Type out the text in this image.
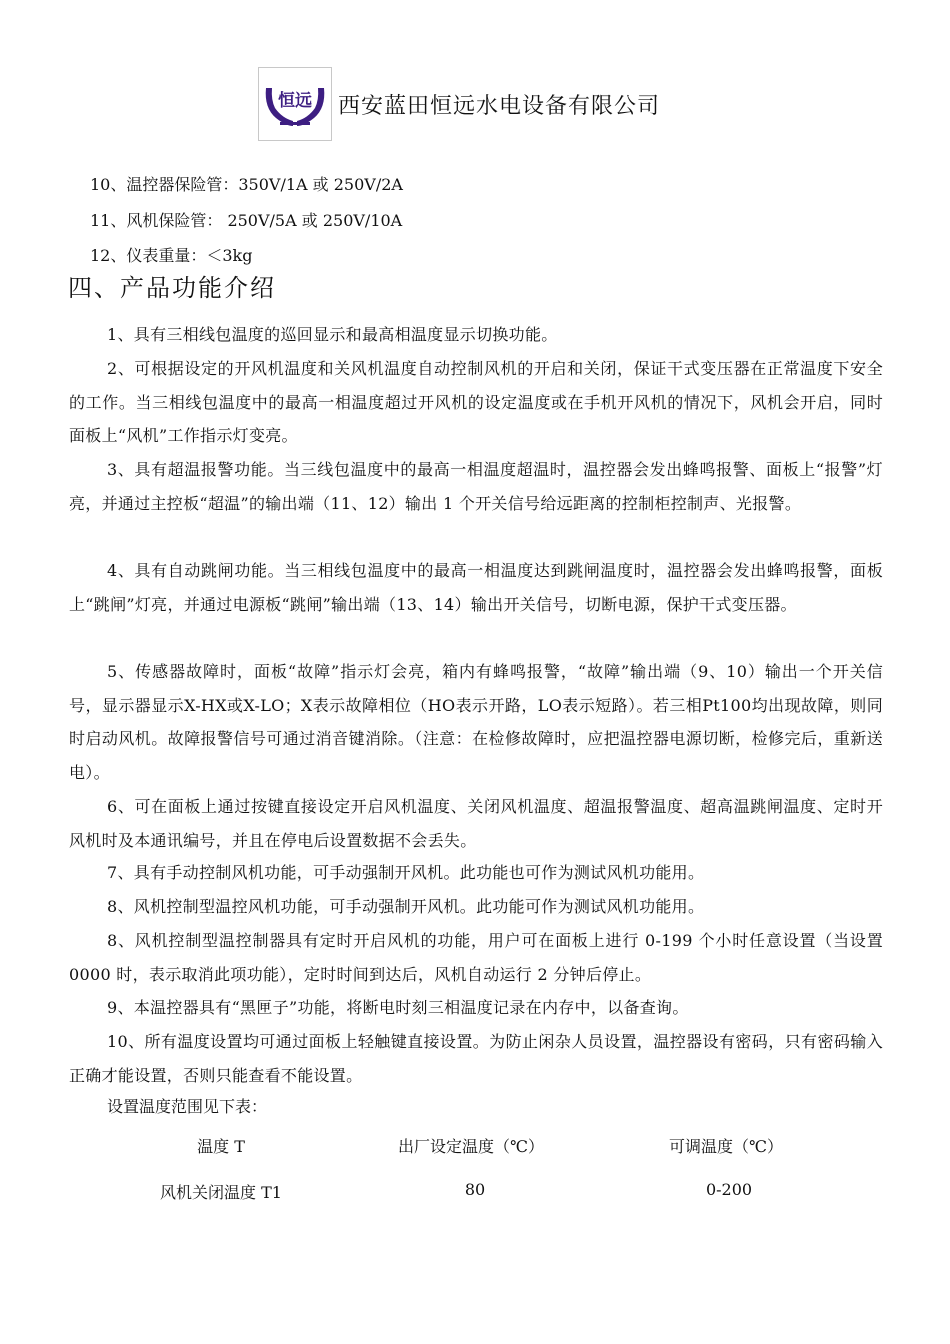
恒远 西安蓝田恒远水电设备有限公司
10、温控器保险管：350V/1A 或 250V/2A
11、风机保险管： 250V/5A 或 250V/10A
12、仪表重量：＜3kg
四、产品功能介绍
1、具有三相线包温度的巡回显示和最高相温度显示切换功能。
2、可根据设定的开风机温度和关风机温度自动控制风机的开启和关闭，保证干式变压器在正常温度下安全的工作。当三相线包温度中的最高一相温度超过开风机的设定温度或在手机开风机的情况下，风机会开启，同时面板上“风机”工作指示灯变亮。
3、具有超温报警功能。当三线包温度中的最高一相温度超温时，温控器会发出蜂鸣报警、面板上“报警”灯亮，并通过主控板“超温”的输出端（11、12）输出 1 个开关信号给远距离的控制柜控制声、光报警。
4、具有自动跳闸功能。当三相线包温度中的最高一相温度达到跳闸温度时，温控器会发出蜂鸣报警，面板上“跳闸”灯亮，并通过电源板“跳闸”输出端（13、14）输出开关信号，切断电源，保护干式变压器。
5、传感器故障时，面板“故障”指示灯会亮，箱内有蜂鸣报警，“故障”输出端（9、10）输出一个开关信号，显示器显示X-HX或X-LO；X表示故障相位（HO表示开路，LO表示短路）。若三相Pt100均出现故障，则同时启动风机。故障报警信号可通过消音键消除。（注意：在检修故障时，应把温控器电源切断，检修完后，重新送电）。
6、可在面板上通过按键直接设定开启风机温度、关闭风机温度、超温报警温度、超高温跳闸温度、定时开风机时及本通讯编号，并且在停电后设置数据不会丢失。
7、具有手动控制风机功能，可手动强制开风机。此功能也可作为测试风机功能用。
8、风机控制型温控风机功能，可手动强制开风机。此功能可作为测试风机功能用。
8、风机控制型温控制器具有定时开启风机的功能，用户可在面板上进行 0-199 个小时任意设置（当设置 0000 时，表示取消此项功能），定时时间到达后，风机自动运行 2 分钟后停止。
9、本温控器具有“黑匣子”功能，将断电时刻三相温度记录在内存中，以备查询。
10、所有温度设置均可通过面板上轻触键直接设置。为防止闲杂人员设置，温控器设有密码，只有密码输入正确才能设置，否则只能查看不能设置。
设置温度范围见下表：
温度 T	出厂设定温度（℃）	可调温度（℃）
风机关闭温度 T1	80	0-200
